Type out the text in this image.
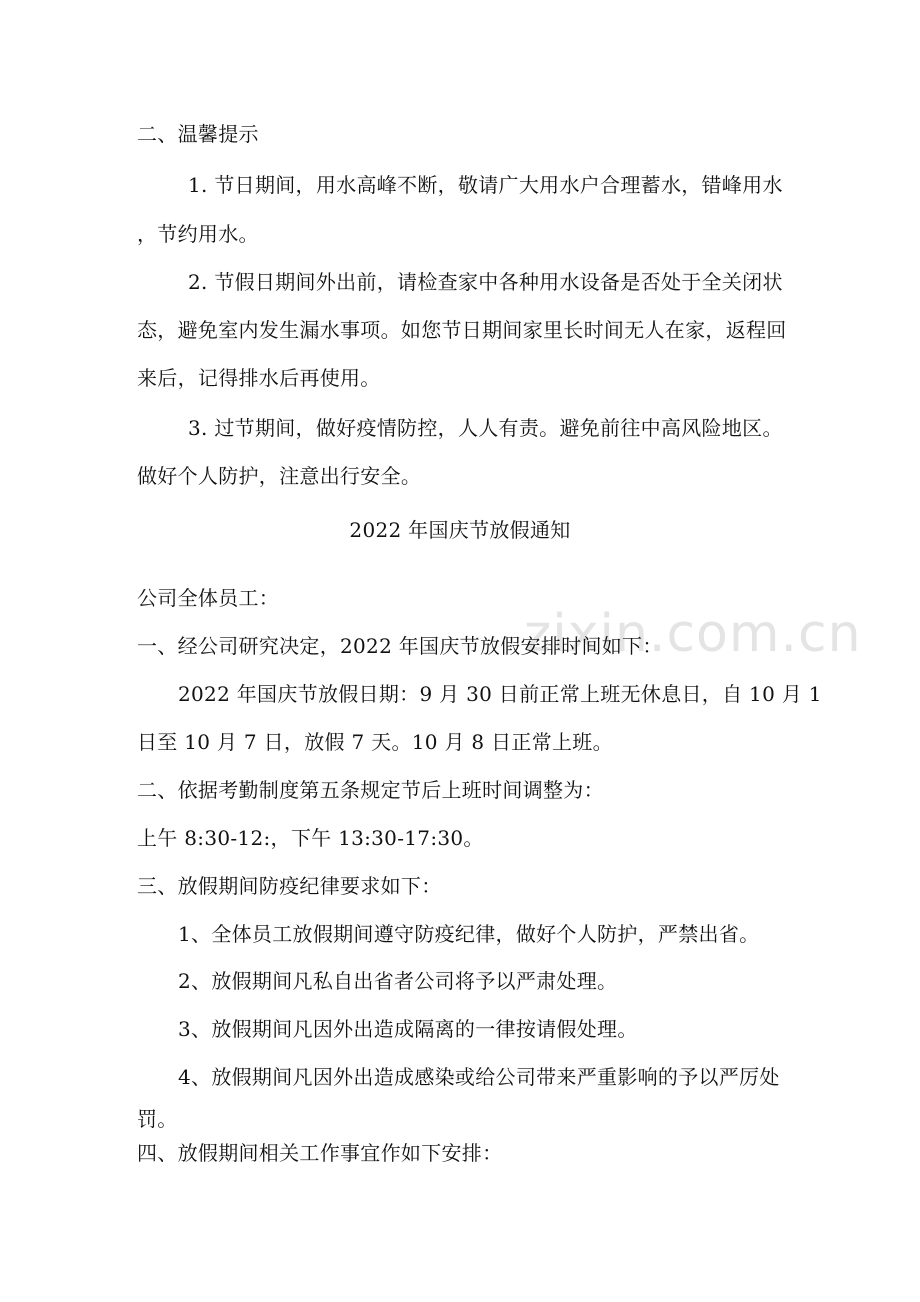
zixin.com.cn
二、温馨提示
1. 节日期间，用水高峰不断，敬请广大用水户合理蓄水，错峰用水
，节约用水。
2. 节假日期间外出前，请检查家中各种用水设备是否处于全关闭状
态，避免室内发生漏水事项。如您节日期间家里长时间无人在家，返程回
来后，记得排水后再使用。
3. 过节期间，做好疫情防控，人人有责。避免前往中高风险地区。
做好个人防护，注意出行安全。
2022 年国庆节放假通知
公司全体员工：
一、经公司研究决定，2022 年国庆节放假安排时间如下：
2022 年国庆节放假日期：9 月 30 日前正常上班无休息日，自 10 月 1
日至 10 月 7 日，放假 7 天。10 月 8 日正常上班。
二、依据考勤制度第五条规定节后上班时间调整为：
上午 8:30-12:，下午 13:30-17:30。
三、放假期间防疫纪律要求如下：
1、全体员工放假期间遵守防疫纪律，做好个人防护，严禁出省。
2、放假期间凡私自出省者公司将予以严肃处理。
3、放假期间凡因外出造成隔离的一律按请假处理。
4、放假期间凡因外出造成感染或给公司带来严重影响的予以严厉处
罚。
四、放假期间相关工作事宜作如下安排：
